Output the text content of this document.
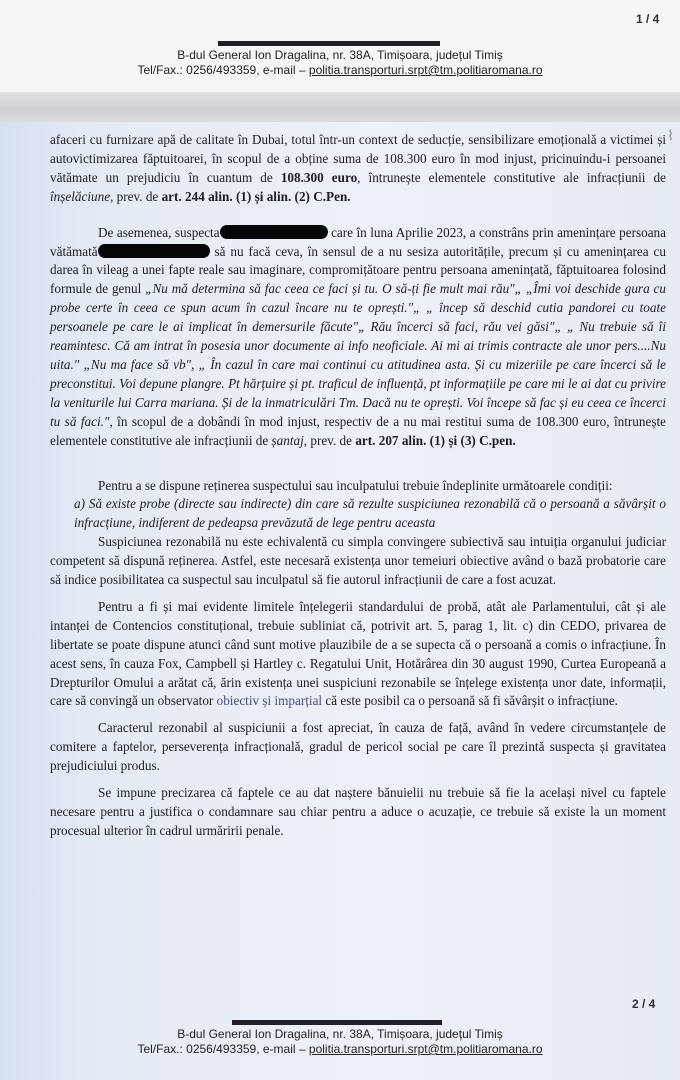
1 / 4
B-dul General Ion Dragalina, nr. 38A, Timișoara, județul Timiș
Tel/Fax.: 0256/493359, e-mail – politia.transporturi.srpt@tm.politiaromana.ro
⌇

afaceri cu furnizare apă de calitate în Dubai, totul într-un context de seducție, sensibilizare emoțională a victimei și autovictimizarea făptuitoarei, în scopul de a obține suma de 108.300 euro în mod injust, pricinuindu-i persoanei vătămate un prejudiciu în cuantum de 108.300 euro, întrunește elementele constitutive ale infracțiunii de înșelăciune, prev. de art. 244 alin. (1) și alin. (2) C.Pen.

De asemenea, suspecta	care în luna Aprilie 2023, a constrâns prin amenințare persoana vătămată	să nu facă ceva, în sensul de a nu sesiza autoritățile, precum și cu amenințarea cu darea în vileag a unei fapte reale sau imaginare, compromițătoare pentru persoana amenințată, făptuitoarea folosind formule de genul „Nu mă determina să fac ceea ce faci și tu. O să-ți fie mult mai rău"„ „Îmi voi deschide gura cu probe certe în ceea ce spun acum în cazul încare nu te oprești."„ „ încep să deschid cutia pandorei cu toate persoanele pe care le ai implicat în demersurile făcute"„ Rău încerci să faci, rău vei găsi"„ „ Nu trebuie să îi reamintesc. Că am intrat în posesia unor documente ai info neoficiale. Ai mi ai trimis contracte ale unor pers....Nu uita." „Nu ma face să vb", „ În cazul în care mai continui cu atitudinea asta. Și cu mizeriile pe care încerci să le preconstitui. Voi depune plangre. Pt hărțuire și pt. traficul de influență, pt informațiile pe care mi le ai dat cu privire la veniturile lui Carra mariana. Și de la inmatriculări Tm. Dacă nu te oprești. Voi începe să fac și eu ceea ce încerci tu să faci.", în scopul de a dobândi în mod injust, respectiv de a nu mai restitui suma de 108.300 euro, întrunește elementele constitutive ale infracțiunii de șantaj, prev. de art. 207 alin. (1) și (3) C.pen.

Pentru a se dispune reținerea suspectului sau inculpatului trebuie îndeplinite următoarele condiții:

a) Să existe probe (directe sau indirecte) din care să rezulte suspiciunea rezonabilă că o persoană a săvârșit o infracțiune, indiferent de pedeapsa prevăzută de lege pentru aceasta

Suspiciunea rezonabilă nu este echivalentă cu simpla convingere subiectivă sau intuiția organului judiciar competent să dispună reținerea. Astfel, este necesară existența unor temeiuri obiective având o bază probatorie care să indice posibilitatea ca suspectul sau inculpatul să fie autorul infracțiunii de care a fost acuzat.

Pentru a fi și mai evidente limitele înțelegerii standardului de probă, atât ale Parlamentului, cât și ale intanței de Contencios constituțional, trebuie subliniat că, potrivit art. 5, parag 1, lit. c) din CEDO, privarea de libertate se poate dispune atunci când sunt motive plauzibile de a se supecta că o persoană a comis o infracțiune. În acest sens, în cauza Fox, Campbell și Hartley c. Regatului Unit, Hotărârea din 30 august 1990, Curtea Europeană a Drepturilor Omului a arătat că, ărin existența unei suspiciuni rezonabile se înțelege existența unor date, informații, care să convingă un observator obiectiv și imparțial că este posibil ca o persoană să fi săvârșit o infracțiune.

Caracterul rezonabil al suspiciunii a fost apreciat, în cauza de față, având în vedere circumstanțele de comitere a faptelor, perseverența infracțională, gradul de pericol social pe care îl prezintă suspecta și gravitatea prejudiciului produs.

Se impune precizarea că faptele ce au dat naștere bănuielii nu trebuie să fie la același nivel cu faptele necesare pentru a justifica o condamnare sau chiar pentru a aduce o acuzație, ce trebuie să existe la un moment procesual ulterior în cadrul urmăririi penale.

2 / 4
B-dul General Ion Dragalina, nr. 38A, Timișoara, județul Timiș
Tel/Fax.: 0256/493359, e-mail – politia.transporturi.srpt@tm.politiaromana.ro
